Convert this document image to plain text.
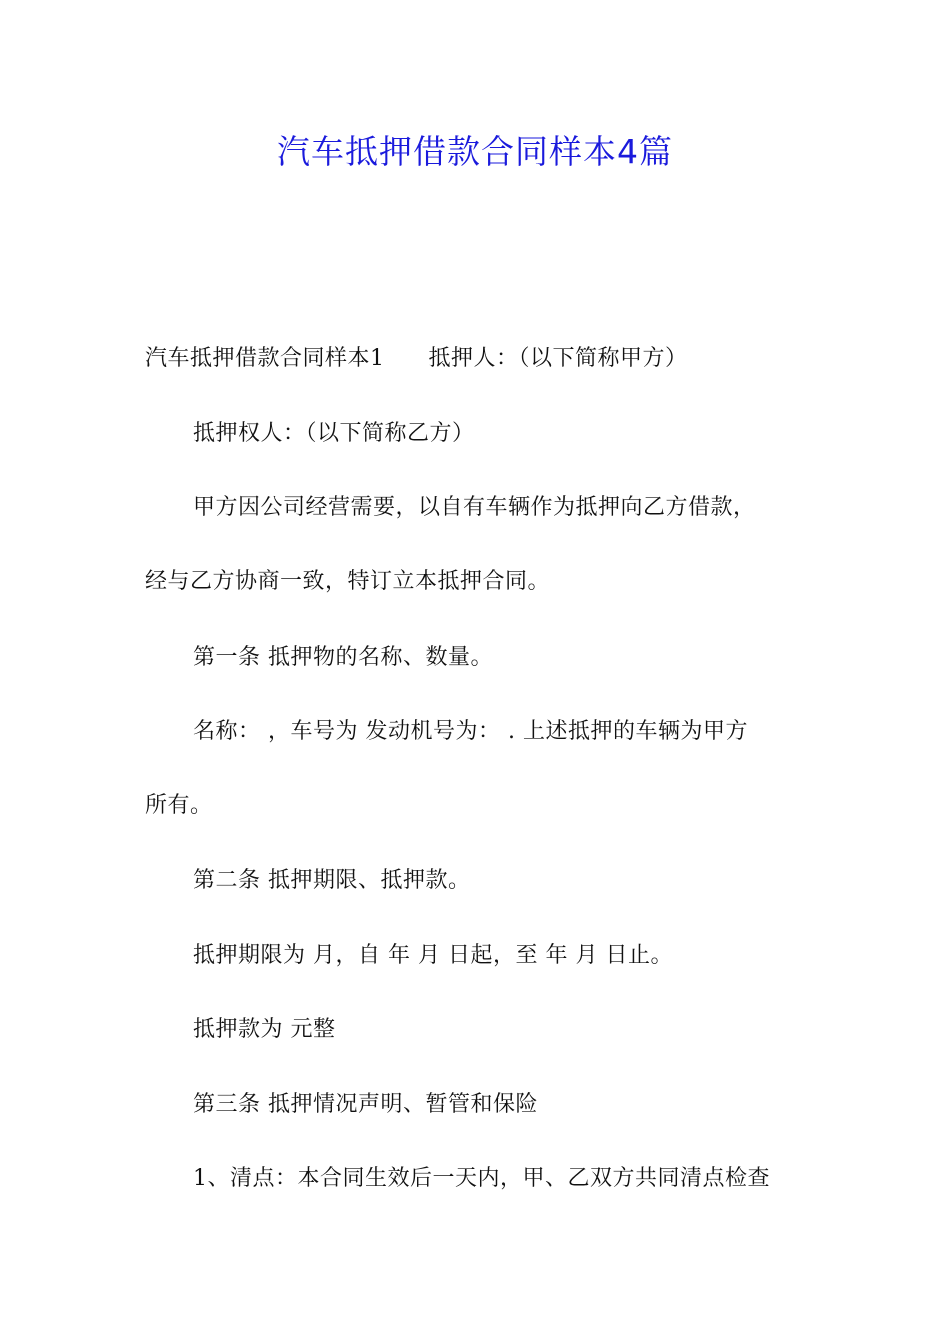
汽车抵押借款合同样本4篇
汽车抵押借款合同样本1 抵押人：（以下简称甲方）
抵押权人：（以下简称乙方）
甲方因公司经营需要，以自有车辆作为抵押向乙方借款，
经与乙方协商一致，特订立本抵押合同。
第一条 抵押物的名称、数量。
名称： ，车号为 发动机号为： . 上述抵押的车辆为甲方
所有。
第二条 抵押期限、抵押款。
抵押期限为 月，自 年 月 日起，至 年 月 日止。
抵押款为 元整
第三条 抵押情况声明、暂管和保险
1、清点：本合同生效后一天内，甲、乙双方共同清点检查
